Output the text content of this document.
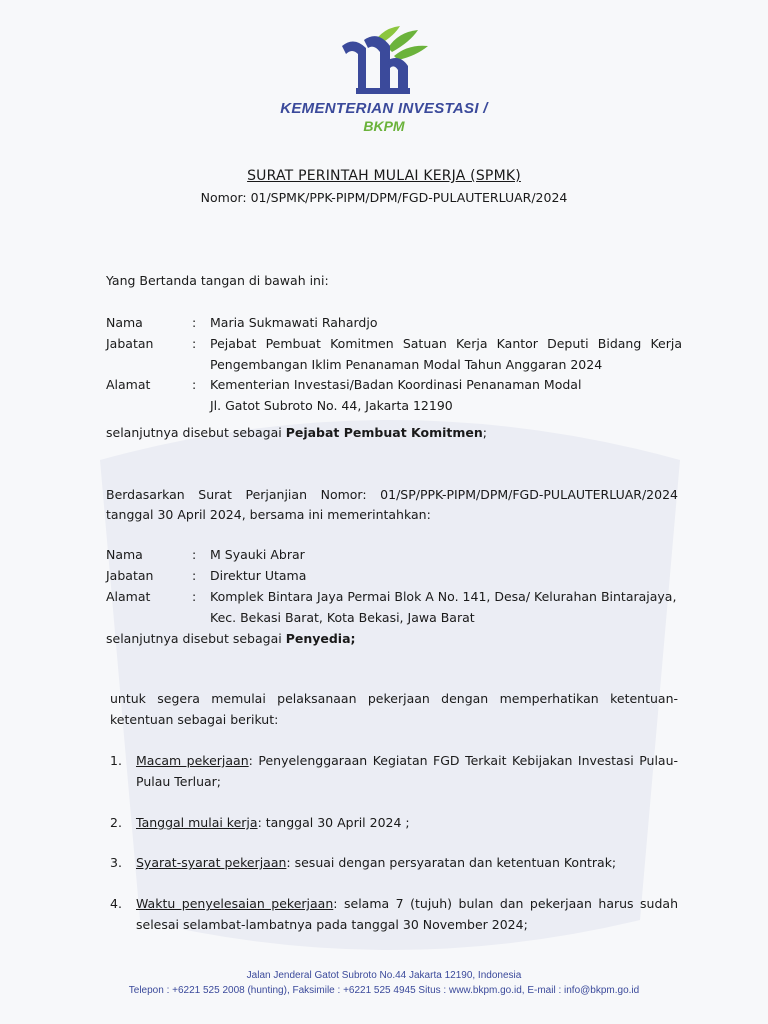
KEMENTERIAN INVESTASI /
BKPM
SURAT PERINTAH MULAI KERJA (SPMK)
Nomor: 01/SPMK/PPK-PIPM/DPM/FGD-PULAUTERLUAR/2024
Yang Bertanda tangan di bawah ini:
Nama	: Maria Sukmawati Rahardjo
Jabatan	: Pejabat Pembuat Komitmen Satuan Kerja Kantor Deputi Bidang Kerja
Pengembangan Iklim Penanaman Modal Tahun Anggaran 2024
Alamat	: Kementerian Investasi/Badan Koordinasi Penanaman Modal
Jl. Gatot Subroto No. 44, Jakarta 12190
selanjutnya disebut sebagai Pejabat Pembuat Komitmen;
Berdasarkan Surat Perjanjian Nomor: 01/SP/PPK-PIPM/DPM/FGD-PULAUTERLUAR/2024
tanggal 30 April 2024, bersama ini memerintahkan:
Nama	: M Syauki Abrar
Jabatan	: Direktur Utama
Alamat	: Komplek Bintara Jaya Permai Blok A No. 141, Desa/ Kelurahan Bintarajaya,
Kec. Bekasi Barat, Kota Bekasi, Jawa Barat
selanjutnya disebut sebagai Penyedia;
untuk segera memulai pelaksanaan pekerjaan dengan memperhatikan ketentuan-
ketentuan sebagai berikut:
1. Macam pekerjaan: Penyelenggaraan Kegiatan FGD Terkait Kebijakan Investasi Pulau-
Pulau Terluar;
2. Tanggal mulai kerja: tanggal 30 April 2024 ;
3. Syarat-syarat pekerjaan: sesuai dengan persyaratan dan ketentuan Kontrak;
4. Waktu penyelesaian pekerjaan: selama 7 (tujuh) bulan dan pekerjaan harus sudah
selesai selambat-lambatnya pada tanggal 30 November 2024;
Jalan Jenderal Gatot Subroto No.44 Jakarta 12190, Indonesia
Telepon : +6221 525 2008 (hunting), Faksimile : +6221 525 4945 Situs : www.bkpm.go.id, E-mail : info@bkpm.go.id
